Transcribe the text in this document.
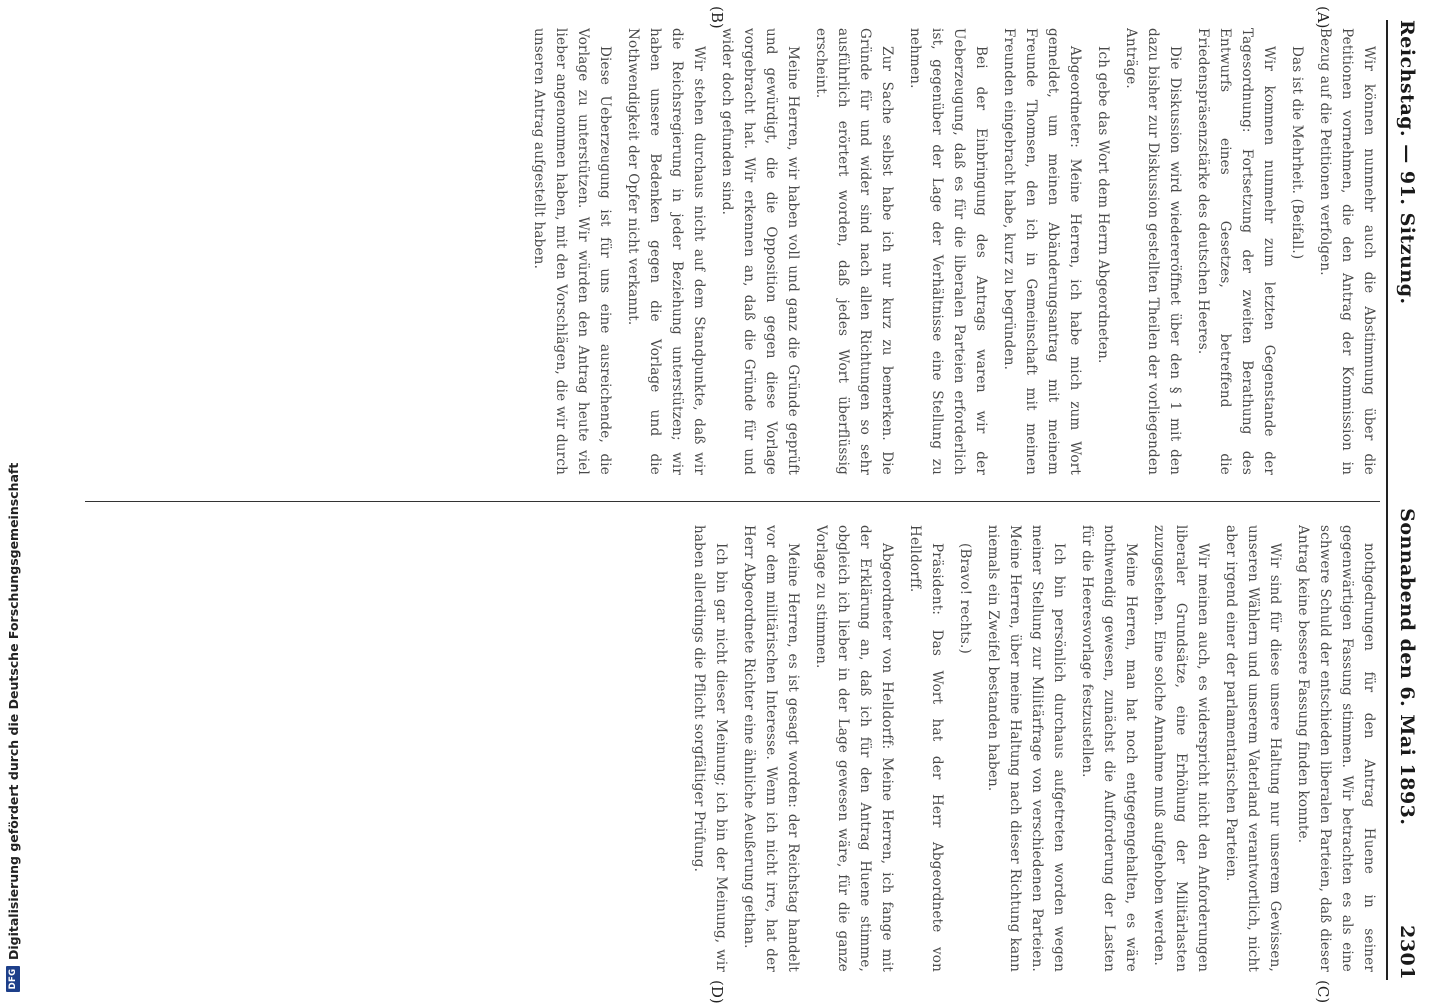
DFG
Digitalisierung gefördert durch die Deutsche Forschungsgemeinschaft
Reichstag. — 91. Sitzung.
Sonnabend den 6. Mai 1893.              2301
(A)
(B)
(C)
(D)

Wir können nunmehr auch die Abstimmung über die Petitionen vornehmen, die den Antrag der Kommission in Bezug auf die Petitionen verfolgen.

Das ist die Mehrheit. (Beifall.)

Wir kommen nunmehr zum letzten Gegenstande der Tagesordnung: Fortsetzung der zweiten Berathung des Entwurfs eines Gesetzes, betreffend die Friedenspräsenzstärke des deutschen Heeres.

Die Diskussion wird wiedereröffnet über den § 1 mit den dazu bisher zur Diskussion gestellten Theilen der vorliegenden Anträge.

Ich gebe das Wort dem Herrn Abgeordneten.

Abgeordneter: Meine Herren, ich habe mich zum Wort gemeldet, um meinen Abänderungsantrag mit meinem Freunde Thomsen, den ich in Gemeinschaft mit meinen Freunden eingebracht habe, kurz zu begründen.

Bei der Einbringung des Antrags waren wir der Ueberzeugung, daß es für die liberalen Parteien erforderlich ist, gegenüber der Lage der Verhältnisse eine Stellung zu nehmen.

Zur Sache selbst habe ich nur kurz zu bemerken. Die Gründe für und wider sind nach allen Richtungen so sehr ausführlich erörtert worden, daß jedes Wort überflüssig erscheint.

Meine Herren, wir haben voll und ganz die Gründe geprüft und gewürdigt, die die Opposition gegen diese Vorlage vorgebracht hat. Wir erkennen an, daß die Gründe für und wider doch gefunden sind.

Wir stehen durchaus nicht auf dem Standpunkte, daß wir die Reichsregierung in jeder Beziehung unterstützen; wir haben unsere Bedenken gegen die Vorlage und die Nothwendigkeit der Opfer nicht verkannt.

Diese Ueberzeugung ist für uns eine ausreichende, die Vorlage zu unterstützen. Wir würden den Antrag heute viel lieber angenommen haben, mit den Vorschlägen, die wir durch unseren Antrag aufgestellt haben.

nothgedrungen für den Antrag Huene in seiner gegenwärtigen Fassung stimmen. Wir betrachten es als eine schwere Schuld der entschieden liberalen Parteien, daß dieser Antrag keine bessere Fassung finden konnte.

Wir sind für diese unsere Haltung nur unserem Gewissen, unseren Wählern und unserem Vaterland verantwortlich, nicht aber irgend einer der parlamentarischen Parteien.

Wir meinen auch, es widerspricht nicht den Anforderungen liberaler Grundsätze, eine Erhöhung der Militärlasten zuzugestehen. Eine solche Annahme muß aufgehoben werden.

Meine Herren, man hat noch entgegengehalten, es wäre nothwendig gewesen, zunächst die Aufforderung der Lasten für die Heeresvorlage festzustellen.

Ich bin persönlich durchaus aufgetreten worden wegen meiner Stellung zur Militärfrage von verschiedenen Parteien. Meine Herren, über meine Haltung nach dieser Richtung kann niemals ein Zweifel bestanden haben.

(Bravo! rechts.)

Präsident: Das Wort hat der Herr Abgeordnete von Helldorff.

Abgeordneter von Helldorff: Meine Herren, ich fange mit der Erklärung an, daß ich für den Antrag Huene stimme, obgleich ich lieber in der Lage gewesen wäre, für die ganze Vorlage zu stimmen.

Meine Herren, es ist gesagt worden: der Reichstag handelt vor dem militärischen Interesse. Wenn ich nicht irre, hat der Herr Abgeordnete Richter eine ähnliche Aeußerung gethan.

Ich bin gar nicht dieser Meinung; ich bin der Meinung, wir haben allerdings die Pflicht sorgfältiger Prüfung.
